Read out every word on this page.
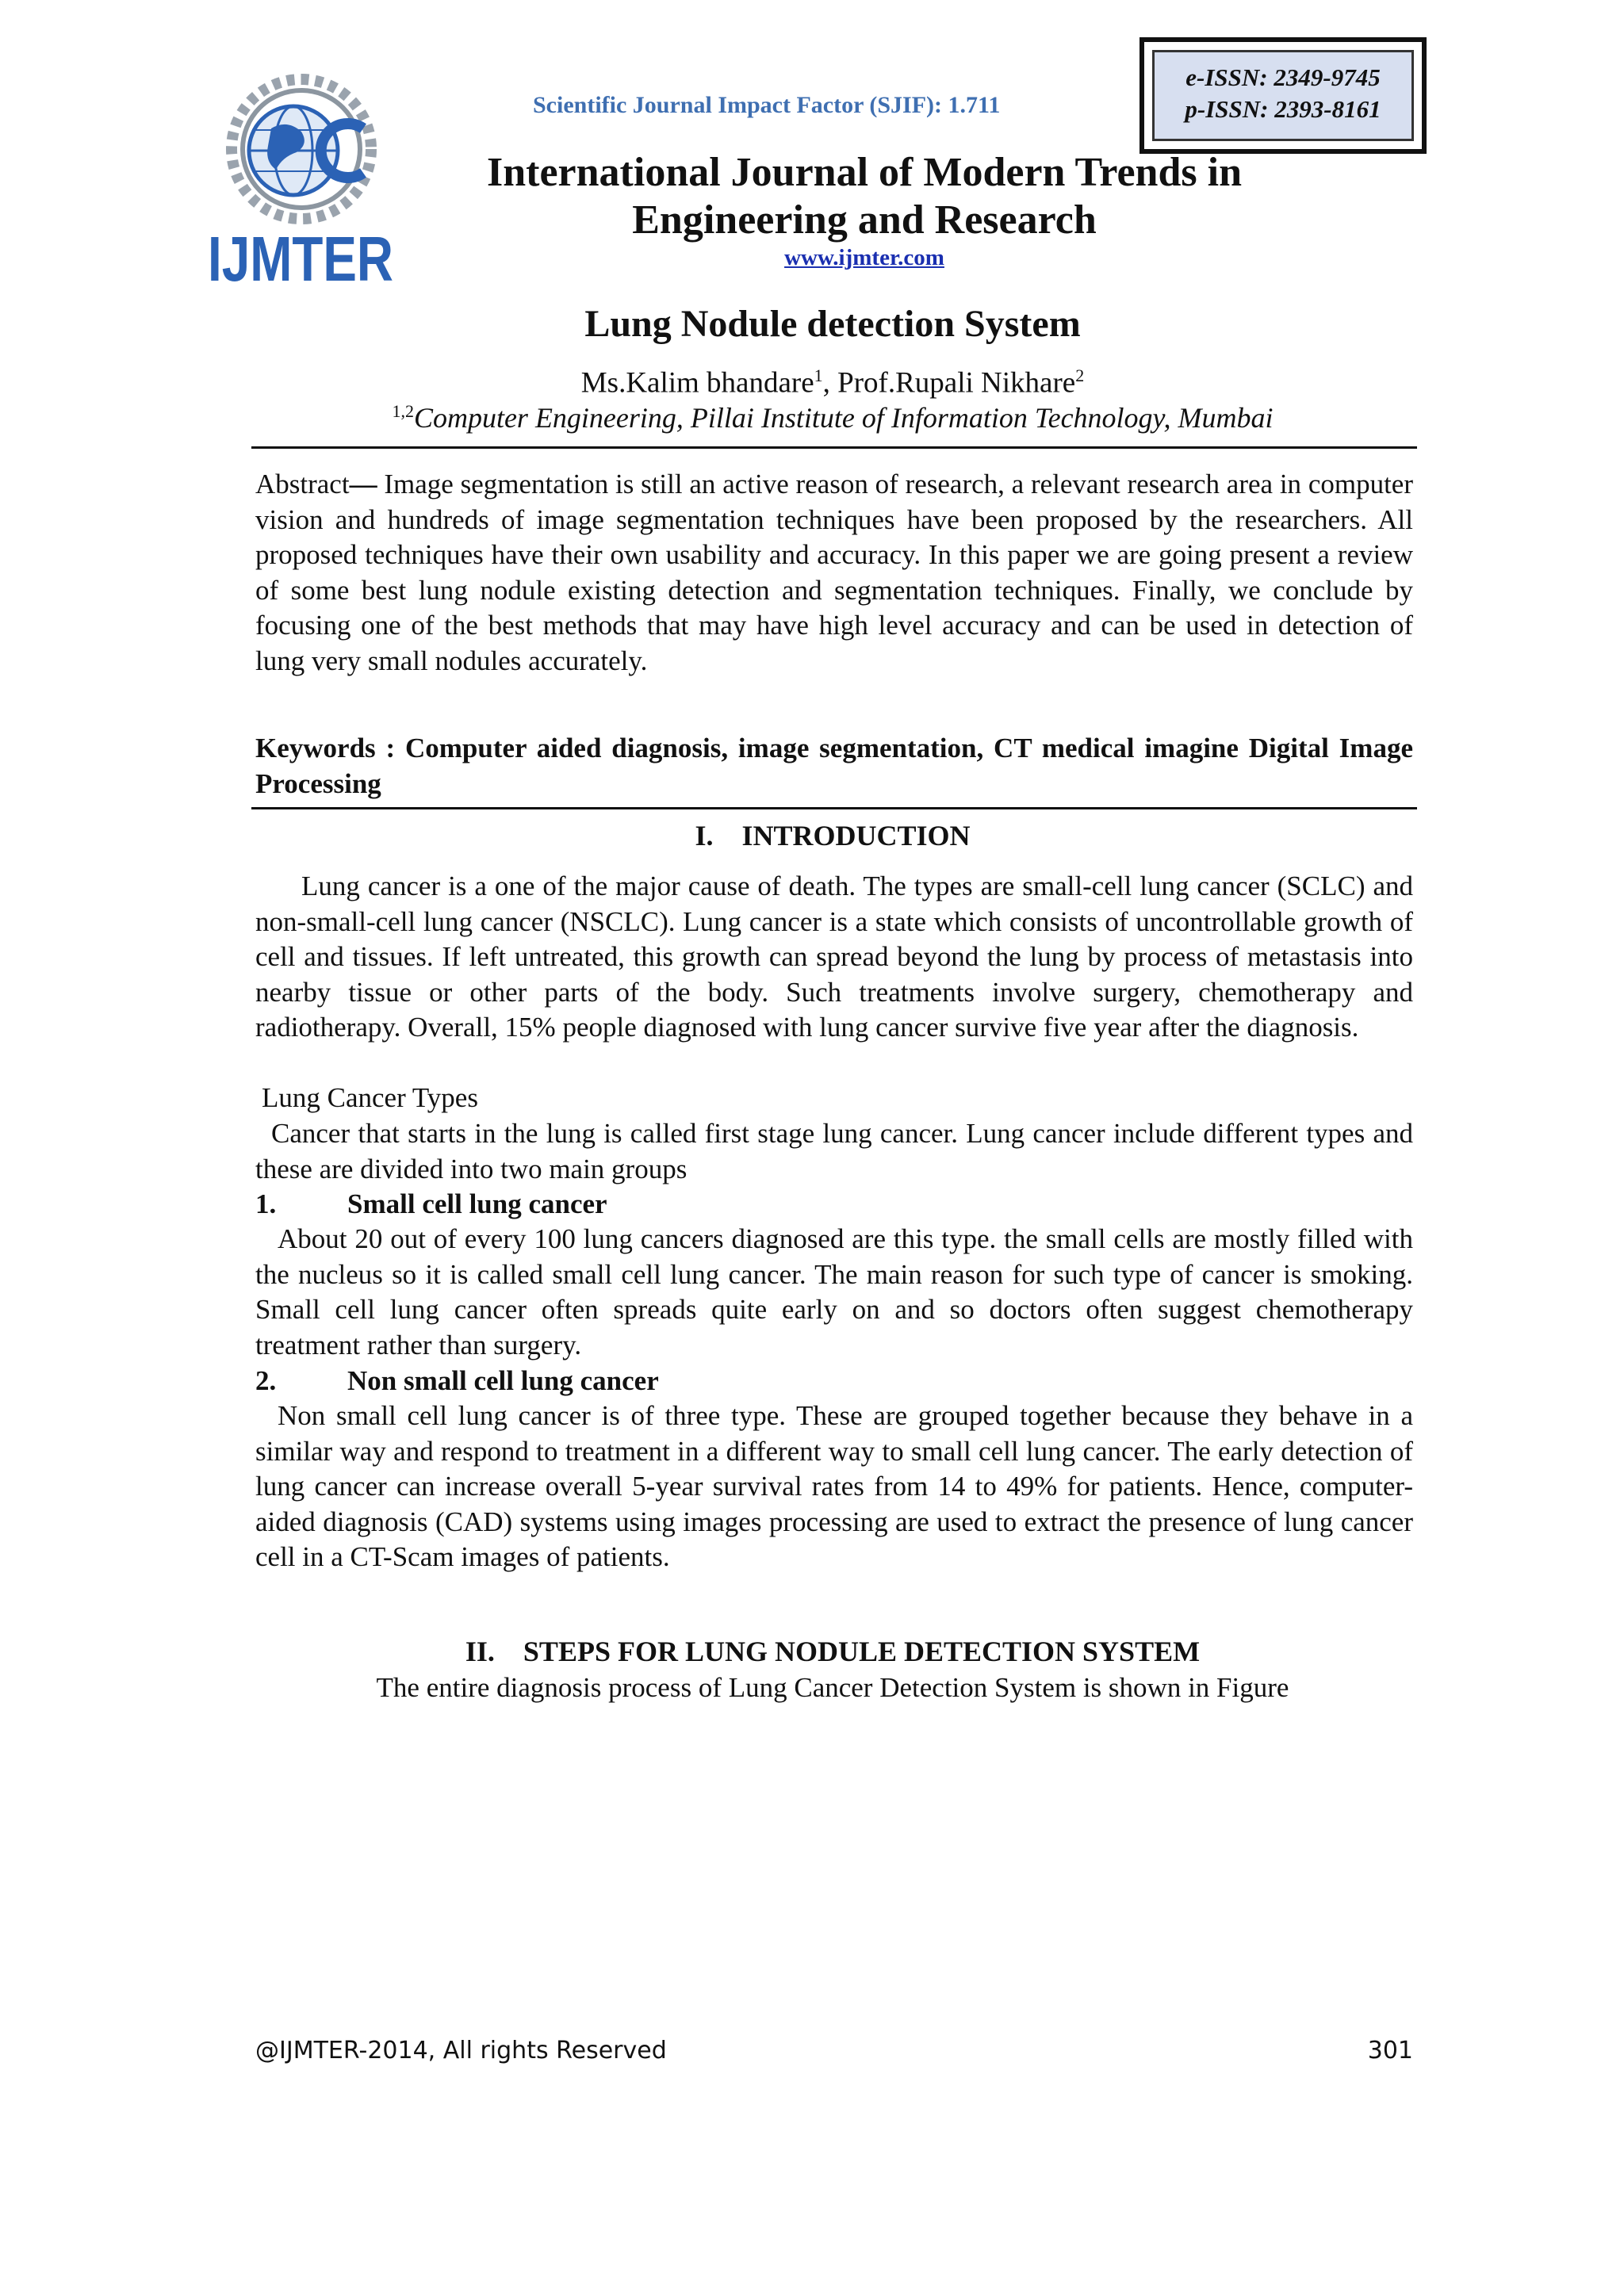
IJMTER
Scientific Journal Impact Factor (SJIF): 1.711
e-ISSN: 2349-9745
p-ISSN: 2393-8161
International Journal of Modern Trends in Engineering and Research
www.ijmter.com
Lung Nodule detection System
Ms.Kalim bhandare$^1$, Prof.Rupali Nikhare$^2$
$^{1,2}$Computer Engineering, Pillai Institute of Information Technology, Mumbai
Abstract— Image segmentation is still an active reason of research, a relevant research area in computer vision and hundreds of image segmentation techniques have been proposed by the researchers. All proposed techniques have their own usability and accuracy. In this paper we are going present a review of some best lung nodule existing detection and segmentation techniques. Finally, we conclude by focusing one of the best methods that may have high level accuracy and can be used in detection of lung very small nodules accurately.
Keywords : Computer aided diagnosis, image segmentation, CT medical imagine Digital Image Processing
I.    INTRODUCTION
Lung cancer is a one of the major cause of death. The types are small-cell lung cancer (SCLC) and non-small-cell lung cancer (NSCLC). Lung cancer is a state which consists of uncontrollable growth of cell and tissues. If left untreated, this growth can spread beyond the lung by process of metastasis into nearby tissue or other parts of the body. Such treatments involve surgery, chemotherapy and radiotherapy. Overall, 15% people diagnosed with lung cancer survive five year after the diagnosis.
Lung Cancer Types
Cancer that starts in the lung is called first stage lung cancer. Lung cancer include different types and these are divided into two main groups
1.	Small cell lung cancer
About 20 out of every 100 lung cancers diagnosed are this type. the small cells are mostly filled with the nucleus so it is called small cell lung cancer. The main reason for such type of cancer is smoking. Small cell lung cancer often spreads quite early on and so doctors often suggest chemotherapy treatment rather than surgery.
2.	Non small cell lung cancer
Non small cell lung cancer is of three type. These are grouped together because they behave in a similar way and respond to treatment in a different way to small cell lung cancer. The early detection of lung cancer can increase overall 5-year survival rates from 14 to 49% for patients. Hence, computer-aided diagnosis (CAD) systems using images processing are used to extract the presence of lung cancer cell in a CT-Scam images of patients.
II.    STEPS FOR LUNG NODULE DETECTION SYSTEM
The entire diagnosis process of Lung Cancer Detection System is shown in Figure
@IJMTER-2014, All rights Reserved	301
